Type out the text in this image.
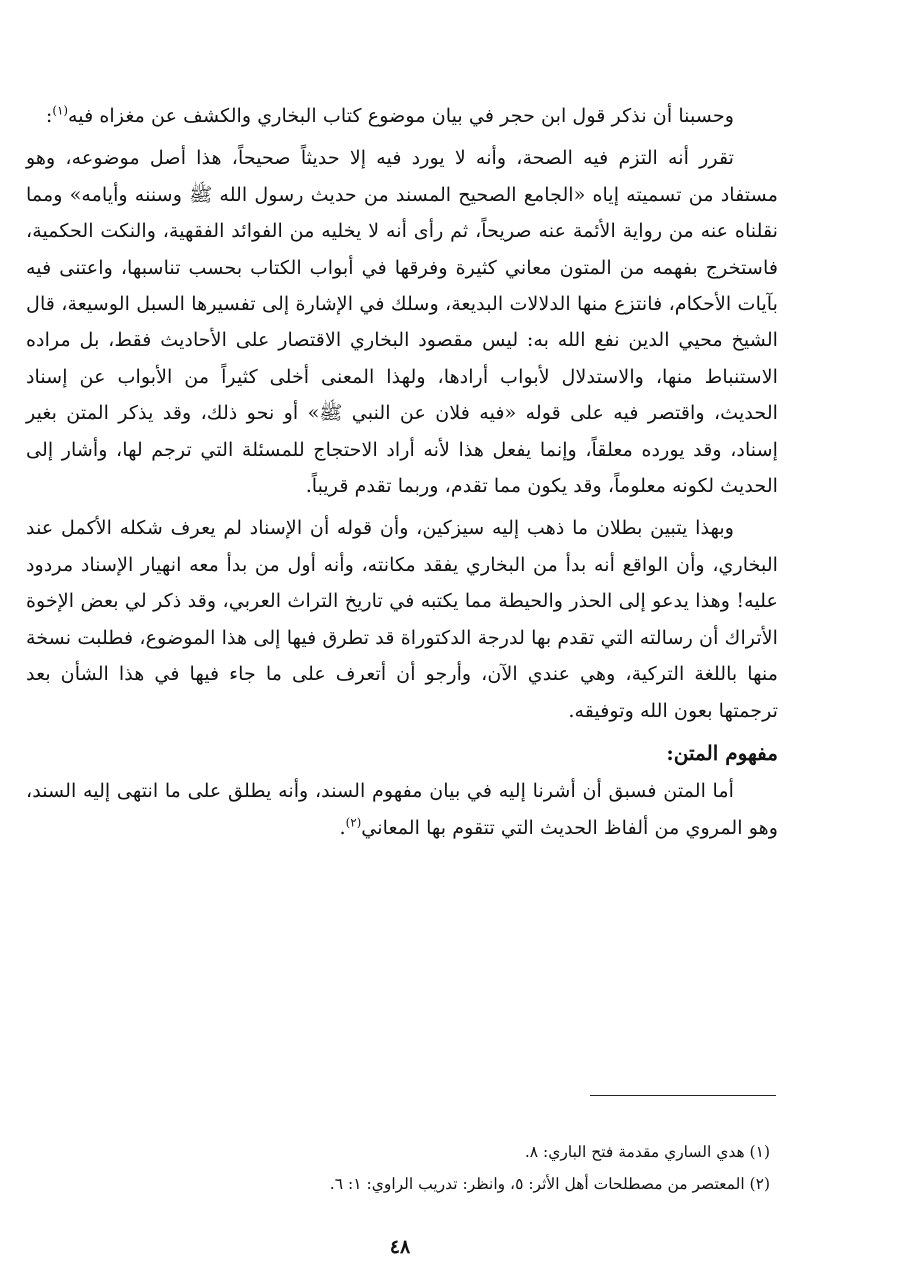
وحسبنا أن نذكر قول ابن حجر في بيان موضوع كتاب البخاري والكشف عن مغزاه فيه$^{(١)}$:

تقرر أنه التزم فيه الصحة، وأنه لا يورد فيه إلا حديثاً صحيحاً، هذا أصل موضوعه، وهو مستفاد من تسميته إياه «الجامع الصحيح المسند من حديث رسول الله ﷺ وسننه وأيامه» ومما نقلناه عنه من رواية الأئمة عنه صريحاً، ثم رأى أنه لا يخليه من الفوائد الفقهية، والنكت الحكمية، فاستخرج بفهمه من المتون معاني كثيرة وفرقها في أبواب الكتاب بحسب تناسبها، واعتنى فيه بآيات الأحكام، فانتزع منها الدلالات البديعة، وسلك في الإشارة إلى تفسيرها السبل الوسيعة، قال الشيخ محيي الدين نفع الله به: ليس مقصود البخاري الاقتصار على الأحاديث فقط، بل مراده الاستنباط منها، والاستدلال لأبواب أرادها، ولهذا المعنى أخلى كثيراً من الأبواب عن إسناد الحديث، واقتصر فيه على قوله «فيه فلان عن النبي ﷺ» أو نحو ذلك، وقد يذكر المتن بغير إسناد، وقد يورده معلقاً، وإنما يفعل هذا لأنه أراد الاحتجاج للمسئلة التي ترجم لها، وأشار إلى الحديث لكونه معلوماً، وقد يكون مما تقدم، وربما تقدم قريباً.

وبهذا يتبين بطلان ما ذهب إليه سيزكين، وأن قوله أن الإسناد لم يعرف شكله الأكمل عند البخاري، وأن الواقع أنه بدأ من البخاري يفقد مكانته، وأنه أول من بدأ معه انهيار الإسناد مردود عليه! وهذا يدعو إلى الحذر والحيطة مما يكتبه في تاريخ التراث العربي، وقد ذكر لي بعض الإخوة الأتراك أن رسالته التي تقدم بها لدرجة الدكتوراة قد تطرق فيها إلى هذا الموضوع، فطلبت نسخة منها باللغة التركية، وهي عندي الآن، وأرجو أن أتعرف على ما جاء فيها في هذا الشأن بعد ترجمتها بعون الله وتوفيقه.

مفهوم المتن:

أما المتن فسبق أن أشرنا إليه في بيان مفهوم السند، وأنه يطلق على ما انتهى إليه السند، وهو المروي من ألفاظ الحديث التي تتقوم بها المعاني$^{(٢)}$.

(١) هدي الساري مقدمة فتح الباري: ٨.
(٢) المعتصر من مصطلحات أهل الأثر: ٥، وانظر: تدريب الراوي: ١: ٦.
٤٨
